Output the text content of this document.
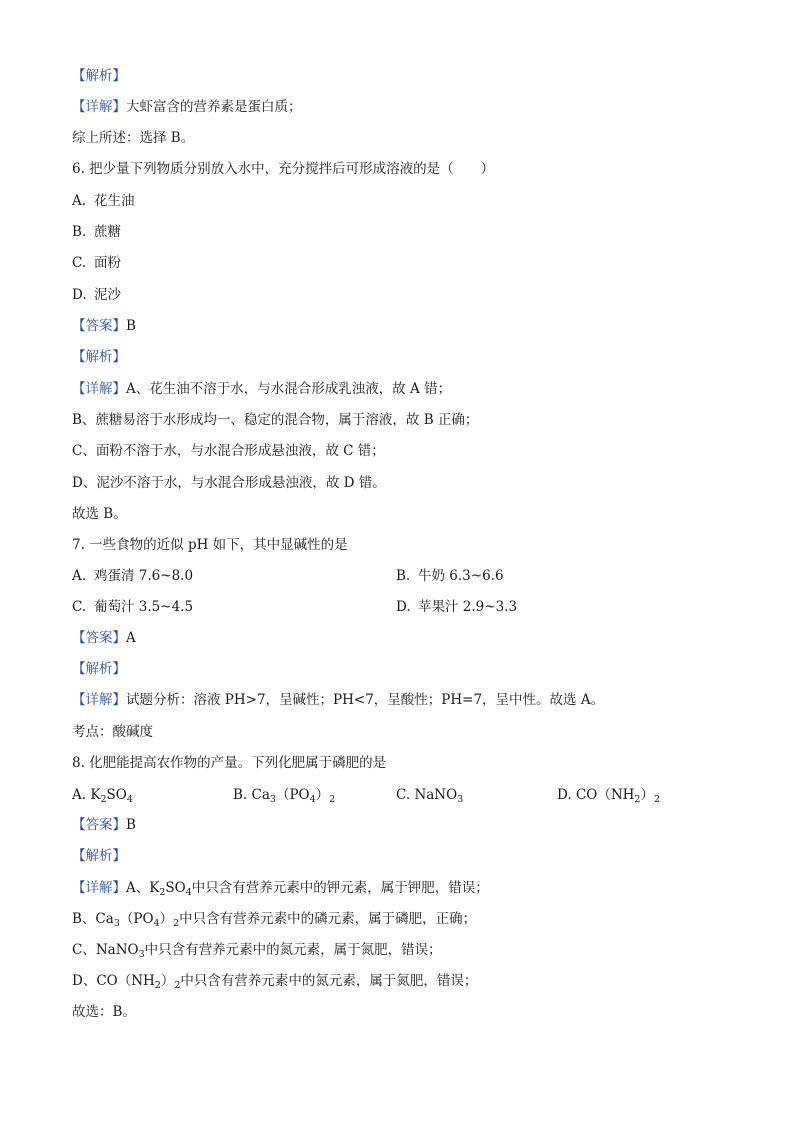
【解析】
【详解】大虾富含的营养素是蛋白质；
综上所述：选择 B。
6. 把少量下列物质分别放入水中，充分搅拌后可形成溶液的是（　　）
A. 花生油
B. 蔗糖
C. 面粉
D. 泥沙
【答案】B
【解析】
【详解】A、花生油不溶于水，与水混合形成乳浊液，故 A 错；
B、蔗糖易溶于水形成均一、稳定的混合物，属于溶液，故 B 正确；
C、面粉不溶于水，与水混合形成悬浊液，故 C 错；
D、泥沙不溶于水，与水混合形成悬浊液，故 D 错。
故选 B。
7. 一些食物的近似 pH 如下，其中显碱性的是
A. 鸡蛋清 7.6~8.0	B. 牛奶 6.3~6.6
C. 葡萄汁 3.5~4.5	D. 苹果汁 2.9~3.3
【答案】A
【解析】
【详解】试题分析：溶液 PH>7，呈碱性；PH<7，呈酸性；PH=7，呈中性。故选 A。
考点：酸碱度
8. 化肥能提高农作物的产量。下列化肥属于磷肥的是
A. $K_2SO_4$	B. $Ca_3(PO_4)_2$	C. NaNO$_3$	D. $CO(NH_2)_2$
【答案】B
【解析】
【详解】A、$K_2SO_4$中只含有营养元素中的钾元素，属于钾肥，错误；
B、$Ca_3(PO_4)_2$中只含有营养元素中的磷元素，属于磷肥，正确；
C、NaNO$_3$中只含有营养元素中的氮元素，属于氮肥，错误；
D、$CO(NH_2)_2$中只含有营养元素中的氮元素，属于氮肥，错误；
故选：B。
